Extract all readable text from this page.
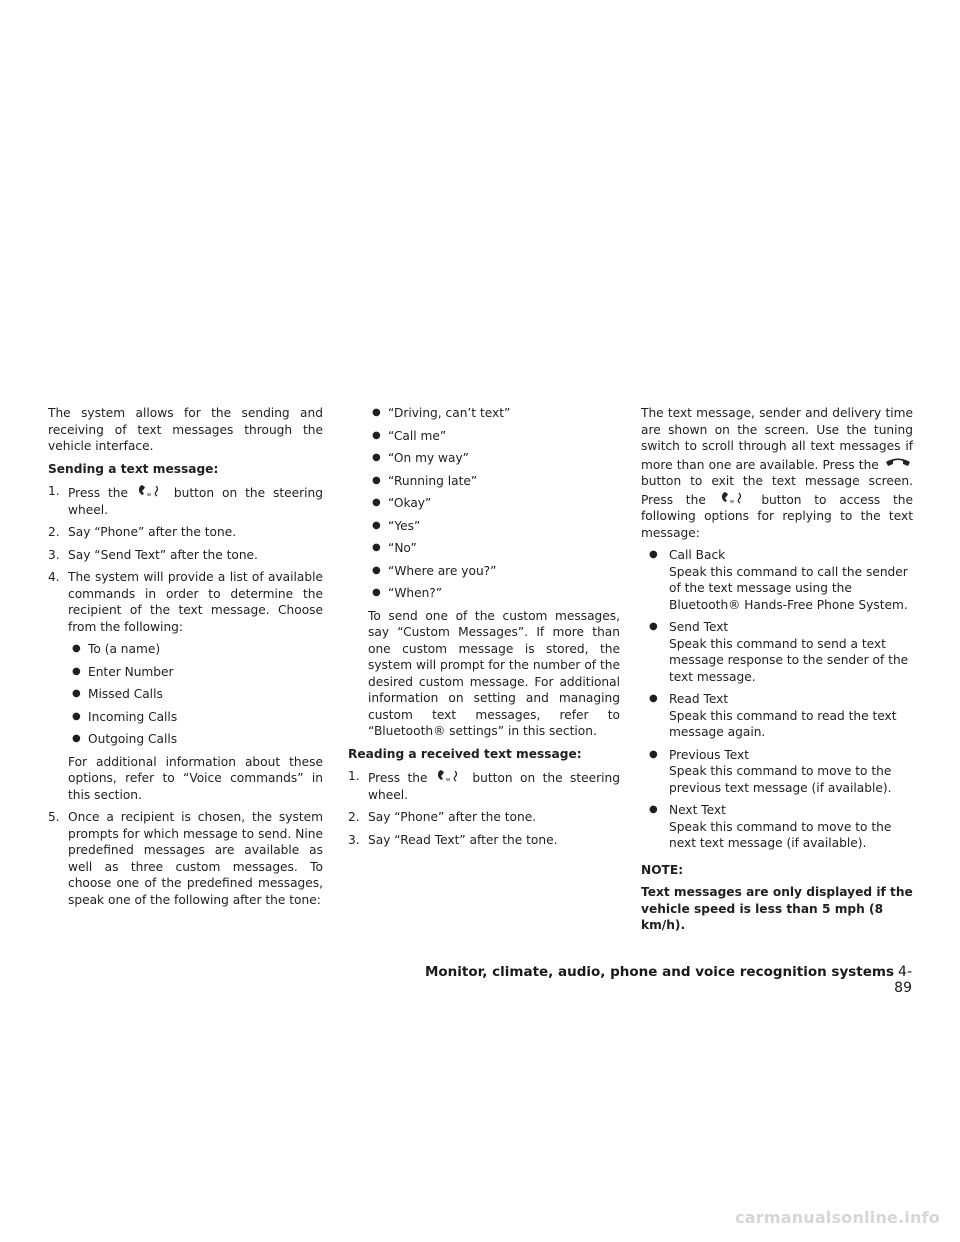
The system allows for the sending and receiving of text messages through the vehicle interface.

Sending a text message:
1. Press the	w button on the steering wheel.
2. Say “Phone” after the tone.
3. Say “Send Text” after the tone.
4. The system will provide a list of available commands in order to determine the recipient of the text message. Choose from the following:
● To (a name)
● Enter Number
● Missed Calls
● Incoming Calls
● Outgoing Calls

For additional information about these options, refer to “Voice commands” in this section.

5. Once a recipient is chosen, the system prompts for which message to send. Nine predefined messages are available as well as three custom messages. To choose one of the predefined messages, speak one of the following after the tone:
● “Driving, can’t text”
● “Call me”
● “On my way”
● “Running late”
● “Okay”
● “Yes”
● “No”
● “Where are you?”
● “When?”

To send one of the custom messages, say “Custom Messages”. If more than one custom message is stored, the system will prompt for the number of the desired custom message. For additional information on setting and managing custom text messages, refer to “Bluetooth® settings” in this section.

Reading a received text message:
1. Press the	w button on the steering wheel.
2. Say “Phone” after the tone.
3. Say “Read Text” after the tone.

The text message, sender and delivery time are shown on the screen. Use the tuning switch to scroll through all text messages if more than one are available. Press the  button to exit the text message screen. Press the	w button to access the following options for replying to the text message:

● Call Back
Speak this command to call the sender of the text message using the Bluetooth® Hands-Free Phone System.
● Send Text
Speak this command to send a text message response to the sender of the text message.
● Read Text
Speak this command to read the text message again.
● Previous Text
Speak this command to move to the previous text message (if available).
● Next Text
Speak this command to move to the next text message (if available).
NOTE:

Text messages are only displayed if the vehicle speed is less than 5 mph (8 km/h).

Monitor, climate, audio, phone and voice recognition systems 4-89
carmanualsonline.info
